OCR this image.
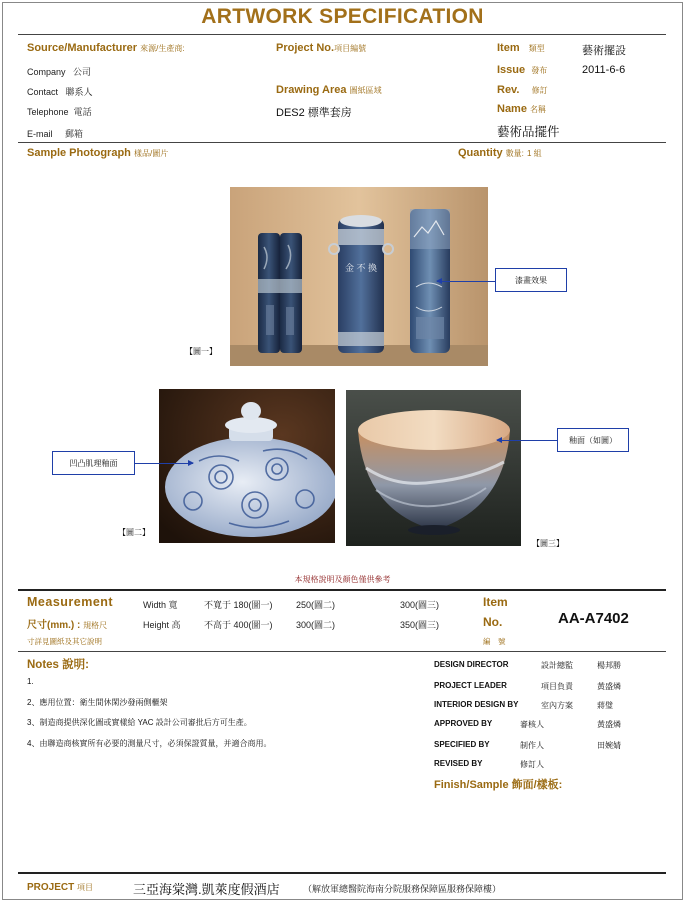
ARTWORK SPECIFICATION
Source/Manufacturer 來源/生產商:
Company 公司
Contact 聯系人
Telephone 電話
E-mail 郵箱
Project No.項目編號
Drawing Area 圖紙區域
DES2 標準套房
Item 類型	藝術擺設
Issue 發布	2011-6-6
Rev. 修訂
Name 名稱
藝術品擺件
Sample Photograph 樣品/圖片	Quantity 數量: 1 組
金 不 換
漆畫效果
【圖一】
凹凸肌理釉面
【圖二】
釉面（如圖）
【圖三】
本規格說明及顏色僅供參考
Measurement
尺寸(mm.) : 規格尺
寸詳見圖紙及其它說明
Width 寬	不寬于 180(圖一)	250(圖二)	300(圖三)
Height 高	不高于 400(圖一)	300(圖二)	350(圖三)
Item
No.
編　號
AA-A7402
Notes 說明:
1.
2、應用位置：衛生間休閑沙發兩側櫃架
3、制造商提供深化圖或實樣給 YAC 設計公司審批后方可生產。
4、由聯造商核實所有必要的測量尺寸，必須保證質量，并適合商用。
DESIGN DIRECTOR	設計總監	楊邦勝
PROJECT LEADER	項目負責	黃盛燐
INTERIOR DESIGN BY	室內方案	蔣璧
APPROVED BY	審核人	黃盛燐
SPECIFIED BY	制作人	田婉婧
REVISED BY	修訂人
Finish/Sample 飾面/樣板:
PROJECT 項目	三亞海棠灣.凱萊度假酒店	（解放軍總醫院海南分院服務保障區服務保障樓）
